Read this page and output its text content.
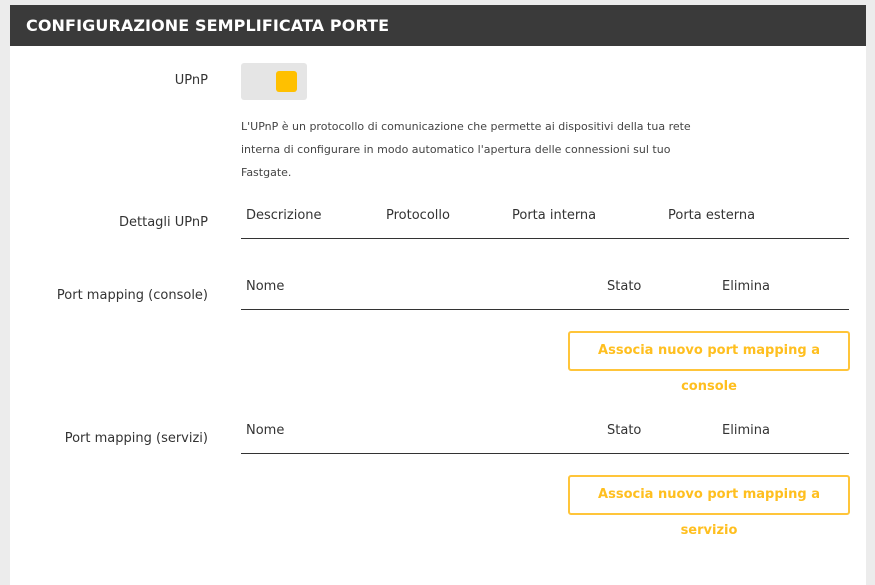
CONFIGURAZIONE SEMPLIFICATA PORTE
UPnP
L'UPnP è un protocollo di comunicazione che permette ai dispositivi della tua rete interna di configurare in modo automatico l'apertura delle connessioni sul tuo Fastgate.
Dettagli UPnP	Descrizione	Protocollo	Porta interna	Porta esterna
Port mapping (console)
Nome	Stato	Elimina
Associa nuovo port mapping a console
Port mapping (servizi)
Nome	Stato	Elimina
Associa nuovo port mapping a servizio
